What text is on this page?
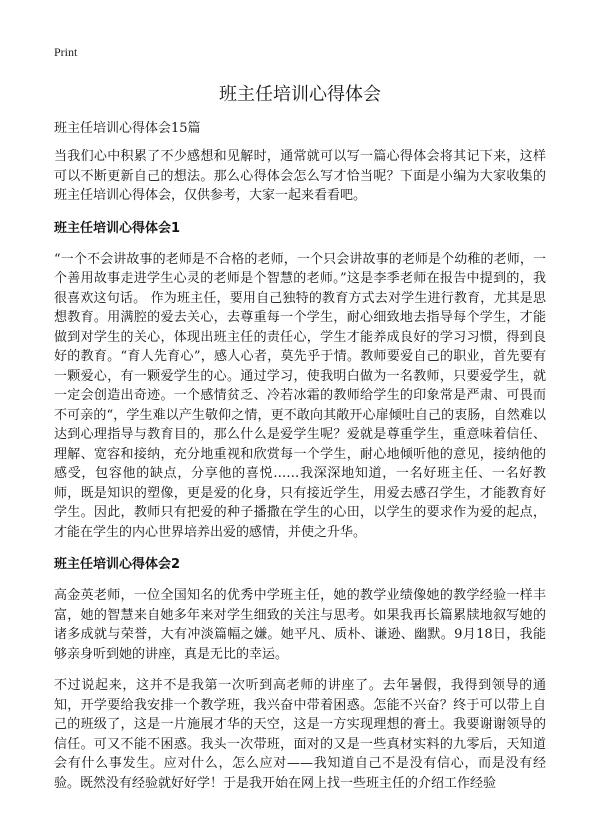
Print
班主任培训心得体会
班主任培训心得体会15篇

当我们心中积累了不少感想和见解时，通常就可以写一篇心得体会将其记下来，这样可以不断更新自己的想法。那么心得体会怎么写才恰当呢？下面是小编为大家收集的班主任培训心得体会，仅供参考，大家一起来看看吧。

班主任培训心得体会1

“一个不会讲故事的老师是不合格的老师，一个只会讲故事的老师是个幼稚的老师，一个善用故事走进学生心灵的老师是个智慧的老师。”这是李季老师在报告中提到的，我很喜欢这句话。 作为班主任，要用自己独特的教育方式去对学生进行教育，尤其是思想教育。用满腔的爱去关心，去尊重每一个学生，耐心细致地去指导每个学生，才能做到对学生的关心，体现出班主任的责任心，学生才能养成良好的学习习惯，得到良好的教育。“育人先育心”，感人心者，莫先乎于情。教师要爱自己的职业，首先要有一颗爱心，有一颗爱学生的心。通过学习，使我明白做为一名教师，只要爱学生，就一定会创造出奇迹。一个感情贫乏、冷若冰霜的教师给学生的印象常是严肃、可畏而不可亲的“，学生难以产生敬仰之情，更不敢向其敞开心扉倾吐自己的衷肠，自然难以达到心理指导与教育目的，那么什么是爱学生呢？爱就是尊重学生，重意味着信任、理解、宽容和接纳，充分地重视和欣赏每一个学生，耐心地倾听他的意见，接纳他的感受，包容他的缺点，分享他的喜悦……我深深地知道，一名好班主任、一名好教师，既是知识的塑像，更是爱的化身，只有接近学生，用爱去感召学生，才能教育好学生。因此，教师只有把爱的种子播撒在学生的心田，以学生的要求作为爱的起点，才能在学生的内心世界培养出爱的感情，并使之升华。

班主任培训心得体会2

高金英老师，一位全国知名的优秀中学班主任，她的教学业绩像她的教学经验一样丰富，她的智慧来自她多年来对学生细致的关注与思考。如果我再长篇累牍地叙写她的诸多成就与荣誉，大有冲淡篇幅之嫌。她平凡、质朴、谦逊、幽默。9月18日，我能够亲身听到她的讲座，真是无比的幸运。

不过说起来，这并不是我第一次听到高老师的讲座了。去年暑假，我得到领导的通知，开学要给我安排一个教学班，我兴奋中带着困惑。怎能不兴奋？终于可以带上自己的班级了，这是一片施展才华的天空，这是一方实现理想的膏土。我要谢谢领导的信任。可又不能不困惑。我头一次带班，面对的又是一些真材实料的九零后，天知道会有什么事发生。应对什么，怎么应对——我知道自己不是没有信心，而是没有经验。既然没有经验就好好学！于是我开始在网上找一些班主任的介绍工作经验
